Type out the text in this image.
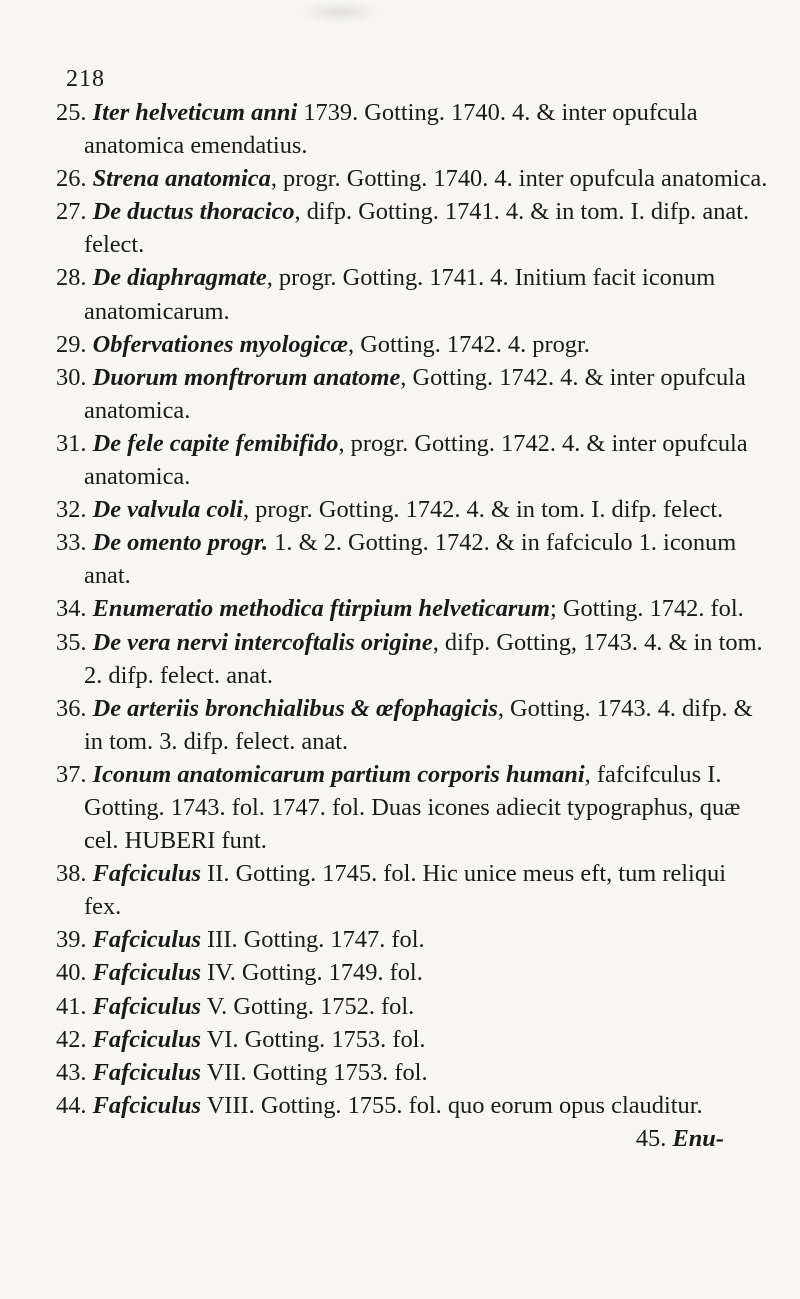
218
25. Iter helveticum anni 1739. Gotting. 1740. 4. & inter opufcula anatomica emendatius.
26. Strena anatomica, progr. Gotting. 1740. 4. inter opufcula anatomica.
27. De ductus thoracico, difp. Gotting. 1741. 4. & in tom. I. difp. anat. felect.
28. De diaphragmate, progr. Gotting. 1741. 4. Initium facit iconum anatomicarum.
29. Obfervationes myologicæ, Gotting. 1742. 4. progr.
30. Duorum monftrorum anatome, Gotting. 1742. 4. & inter opufcula anatomica.
31. De fele capite femibifido, progr. Gotting. 1742. 4. & inter opufcula anatomica.
32. De valvula coli, progr. Gotting. 1742. 4. & in tom. I. difp. felect.
33. De omento progr. 1. & 2. Gotting. 1742. & in fafciculo 1. iconum anat.
34. Enumeratio methodica ftirpium helveticarum; Gotting. 1742. fol.
35. De vera nervi intercoftalis origine, difp. Gotting, 1743. 4. & in tom. 2. difp. felect. anat.
36. De arteriis bronchialibus & œfophagicis, Gotting. 1743. 4. difp. & in tom. 3. difp. felect. anat.
37. Iconum anatomicarum partium corporis humani, fafcifculus I. Gotting. 1743. fol. 1747. fol. Duas icones adiecit typographus, quæ cel. HUBERI funt.
38. Fafciculus II. Gotting. 1745. fol. Hic unice meus eft, tum reliqui fex.
39. Fafciculus III. Gotting. 1747. fol.
40. Fafciculus IV. Gotting. 1749. fol.
41. Fafciculus V. Gotting. 1752. fol.
42. Fafciculus VI. Gotting. 1753. fol.
43. Fafciculus VII. Gotting 1753. fol.
44. Fafciculus VIII. Gotting. 1755. fol. quo eorum opus clauditur.
45. Enu-
